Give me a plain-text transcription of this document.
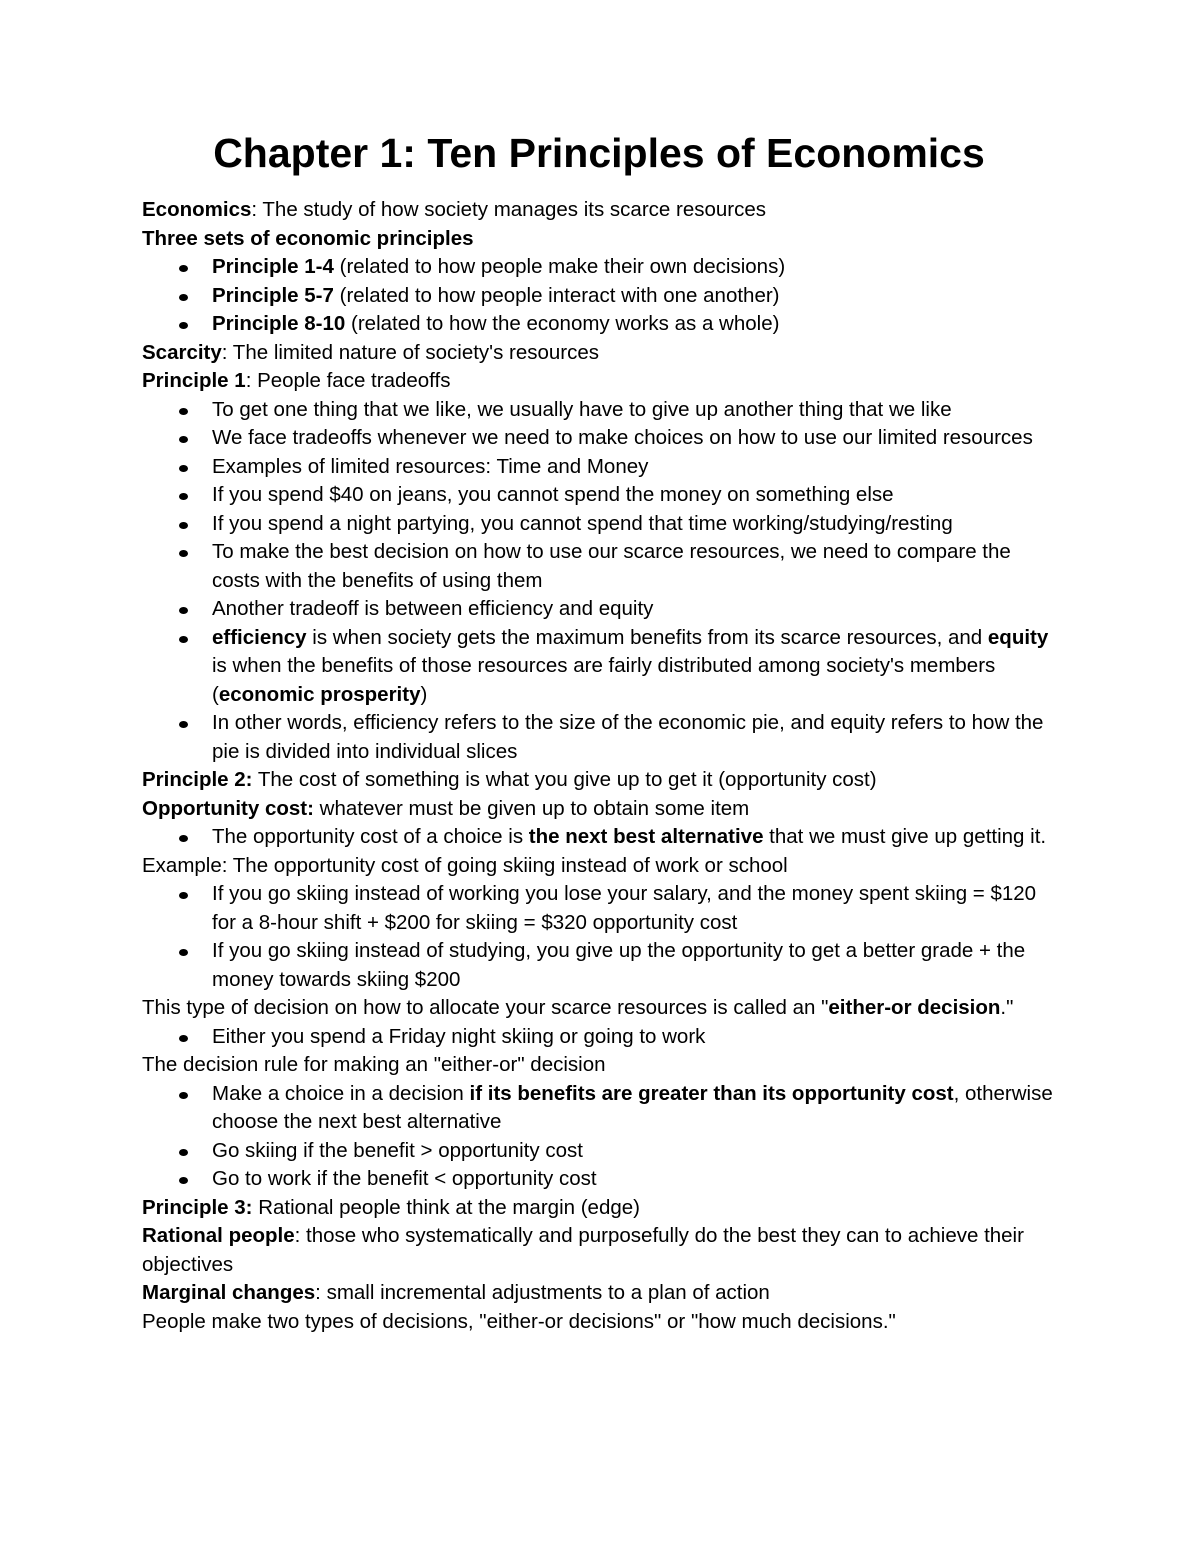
Chapter 1: Ten Principles of Economics

Economics: The study of how society manages its scarce resources

Three sets of economic principles

Principle 1-4 (related to how people make their own decisions)
Principle 5-7 (related to how people interact with one another)
Principle 8-10 (related to how the economy works as a whole)

Scarcity: The limited nature of society's resources

Principle 1: People face tradeoffs

To get one thing that we like, we usually have to give up another thing that we like
We face tradeoffs whenever we need to make choices on how to use our limited resources
Examples of limited resources: Time and Money
If you spend $40 on jeans, you cannot spend the money on something else
If you spend a night partying, you cannot spend that time working/studying/resting
To make the best decision on how to use our scarce resources, we need to compare the costs with the benefits of using them
Another tradeoff is between efficiency and equity
efficiency is when society gets the maximum benefits from its scarce resources, and equity is when the benefits of those resources are fairly distributed among society's members (economic prosperity)
In other words, efficiency refers to the size of the economic pie, and equity refers to how the pie is divided into individual slices

Principle 2: The cost of something is what you give up to get it (opportunity cost)

Opportunity cost: whatever must be given up to obtain some item

The opportunity cost of a choice is the next best alternative that we must give up getting it.

Example: The opportunity cost of going skiing instead of work or school

If you go skiing instead of working you lose your salary, and the money spent skiing = $120 for a 8-hour shift + $200 for skiing = $320 opportunity cost
If you go skiing instead of studying, you give up the opportunity to get a better grade + the money towards skiing $200

This type of decision on how to allocate your scarce resources is called an "either-or decision."

Either you spend a Friday night skiing or going to work

The decision rule for making an "either-or" decision

Make a choice in a decision if its benefits are greater than its opportunity cost, otherwise choose the next best alternative
Go skiing if the benefit > opportunity cost
Go to work if the benefit < opportunity cost

Principle 3: Rational people think at the margin (edge)

Rational people: those who systematically and purposefully do the best they can to achieve their objectives

Marginal changes: small incremental adjustments to a plan of action

People make two types of decisions, "either-or decisions" or "how much decisions."
